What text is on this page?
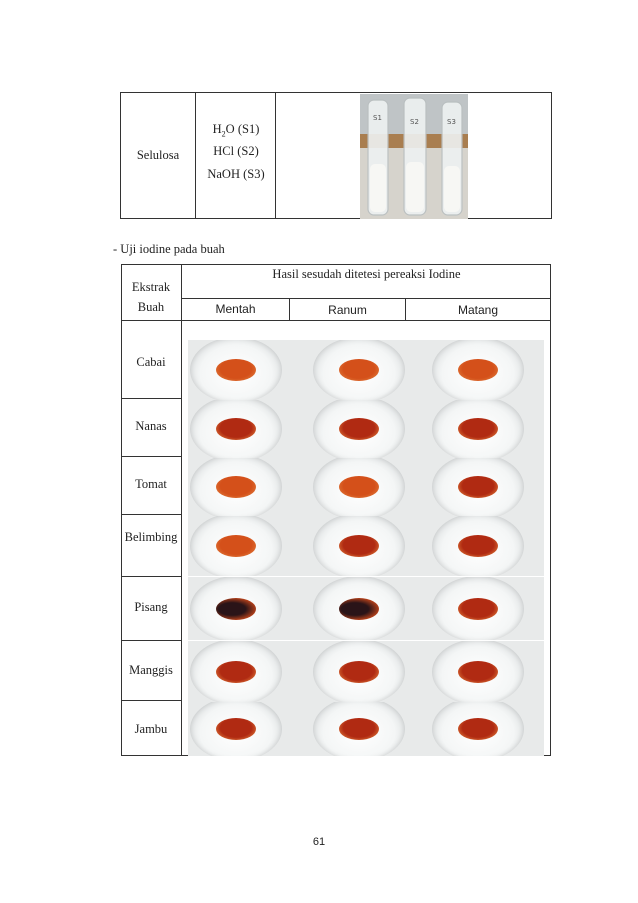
Selulosa
$H_2O$ (S1)
HCl (S2)
NaOH (S3)
S1	S2	S3
- Uji iodine pada buah
Ekstrak Buah
Hasil sesudah ditetesi pereaksi Iodine
Mentah	Ranum	Matang
Cabai
Nanas
Tomat
Belimbing
Pisang
Manggis
Jambu
61
